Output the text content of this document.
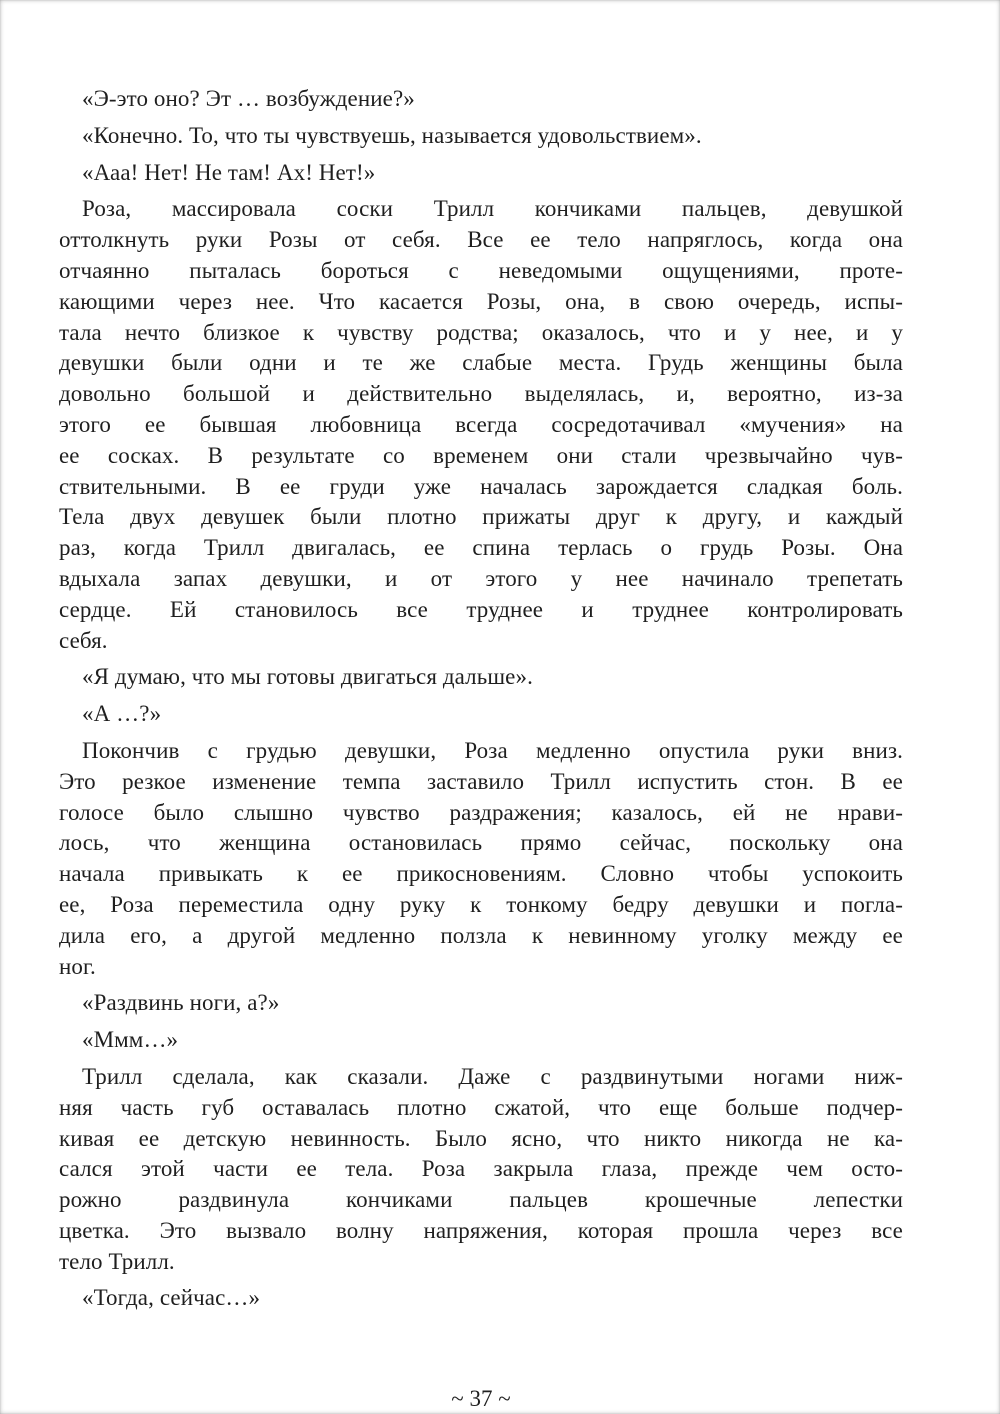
«Э-это оно? Эт … возбуждение?»
«Конечно. То, что ты чувствуешь, называется удовольствием».
«Ааа! Нет! Не там! Ах! Нет!»
Роза, массировала соски Трилл кончиками пальцев, девушкой
оттолкнуть руки Розы от себя. Все ее тело напряглось, когда она
отчаянно пыталась бороться с неведомыми ощущениями, проте-
кающими через нее. Что касается Розы, она, в свою очередь, испы-
тала нечто близкое к чувству родства; оказалось, что и у нее, и у
девушки были одни и те же слабые места. Грудь женщины была
довольно большой и действительно выделялась, и, вероятно, из-за
этого ее бывшая любовница всегда сосредотачивал «мучения» на
ее сосках. В результате со временем они стали чрезвычайно чув-
ствительными. В ее груди уже началась зарождается сладкая боль.
Тела двух девушек были плотно прижаты друг к другу, и каждый
раз, когда Трилл двигалась, ее спина терлась о грудь Розы. Она
вдыхала запах девушки, и от этого у нее начинало трепетать
сердце. Ей становилось все труднее и труднее контролировать
себя.
«Я думаю, что мы готовы двигаться дальше».
«А …?»
Покончив с грудью девушки, Роза медленно опустила руки вниз.
Это резкое изменение темпа заставило Трилл испустить стон. В ее
голосе было слышно чувство раздражения; казалось, ей не нрави-
лось, что женщина остановилась прямо сейчас, поскольку она
начала привыкать к ее прикосновениям. Словно чтобы успокоить
ее, Роза переместила одну руку к тонкому бедру девушки и погла-
дила его, а другой медленно ползла к невинному уголку между ее
ног.
«Раздвинь ноги, а?»
«Ммм…»
Трилл сделала, как сказали. Даже с раздвинутыми ногами ниж-
няя часть губ оставалась плотно сжатой, что еще больше подчер-
кивая ее детскую невинность. Было ясно, что никто никогда не ка-
сался этой части ее тела. Роза закрыла глаза, прежде чем осто-
рожно раздвинула кончиками пальцев крошечные лепестки
цветка. Это вызвало волну напряжения, которая прошла через все
тело Трилл.
«Тогда, сейчас…»
~ 37 ~
